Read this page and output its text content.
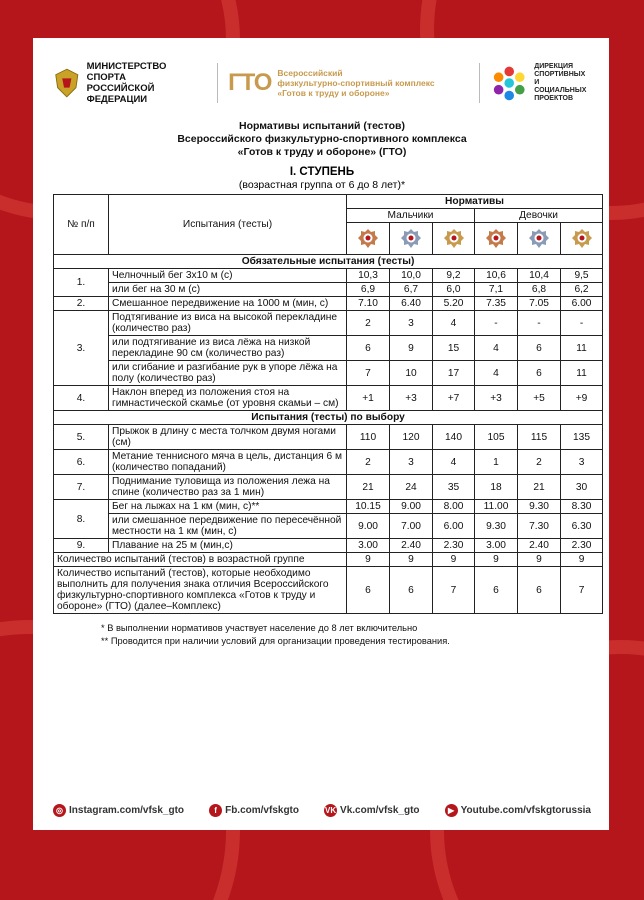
МИНИСТЕРСТВО СПОРТА
РОССИЙСКОЙ ФЕДЕРАЦИИ
ГТО Всероссийский
физкультурно-спортивный комплекс
«Готов к труду и обороне»
ДИРЕКЦИЯ
СПОРТИВНЫХ
И СОЦИАЛЬНЫХ
ПРОЕКТОВ
Нормативы испытаний (тестов)
Всероссийского физкультурно-спортивного комплекса
«Готов к труду и обороне» (ГТО)
I. СТУПЕНЬ
(возрастная группа от 6 до 8 лет)*
№ п/п	Испытания (тесты)	Нормативы					
		Мальчики			Девочки		

Обязательные испытания (тесты)							
1.	Челночный бег 3х10 м (с)	10,3	10,0	9,2	10,6	10,4	9,5
	или бег на 30 м (с)	6,9	6,7	6,0	7,1	6,8	6,2
2.	Смешанное передвижение на 1000 м (мин, с)	7.10	6.40	5.20	7.35	7.05	6.00
3.	Подтягивание из виса на высокой перекладине (количество раз)	2	3	4	-	-	-
	или подтягивание из виса лёжа на низкой перекладине 90 см (количество раз)	6	9	15	4	6	11
	или сгибание и разгибание рук в упоре лёжа на полу (количество раз)	7	10	17	4	6	11
4.	Наклон вперед из положения стоя на гимнастической скамье (от уровня скамьи – см)	+1	+3	+7	+3	+5	+9
Испытания (тесты) по выбору							
5.	Прыжок в длину с места толчком двумя ногами (см)	110	120	140	105	115	135
6.	Метание теннисного мяча в цель, дистанция 6 м (количество попаданий)	2	3	4	1	2	3
7.	Поднимание туловища из положения лежа на спине (количество раз за 1 мин)	21	24	35	18	21	30
8.	Бег на лыжах на 1 км (мин, с)**	10.15	9.00	8.00	11.00	9.30	8.30
	или смешанное передвижение по пересечённой местности на 1 км (мин, с)	9.00	7.00	6.00	9.30	7.30	6.30
9.	Плавание на 25 м (мин,с)	3.00	2.40	2.30	3.00	2.40	2.30
Количество испытаний (тестов) в возрастной группе		9	9	9	9	9	9
Количество испытаний (тестов), которые необходимо выполнить для получения знака отличия Всероссийского физкультурно-спортивного комплекса «Готов к труду и обороне» (ГТО) (далее–Комплекс)		6	6	7	6	6	7
* В выполнении нормативов участвует население до 8 лет включительно
** Проводится при наличии условий для организации проведения тестирования.
◎ Instagram.com/vfsk_gto	f Fb.com/vfskgto	VK Vk.com/vfsk_gto	▶ Youtube.com/vfskgtorussia
